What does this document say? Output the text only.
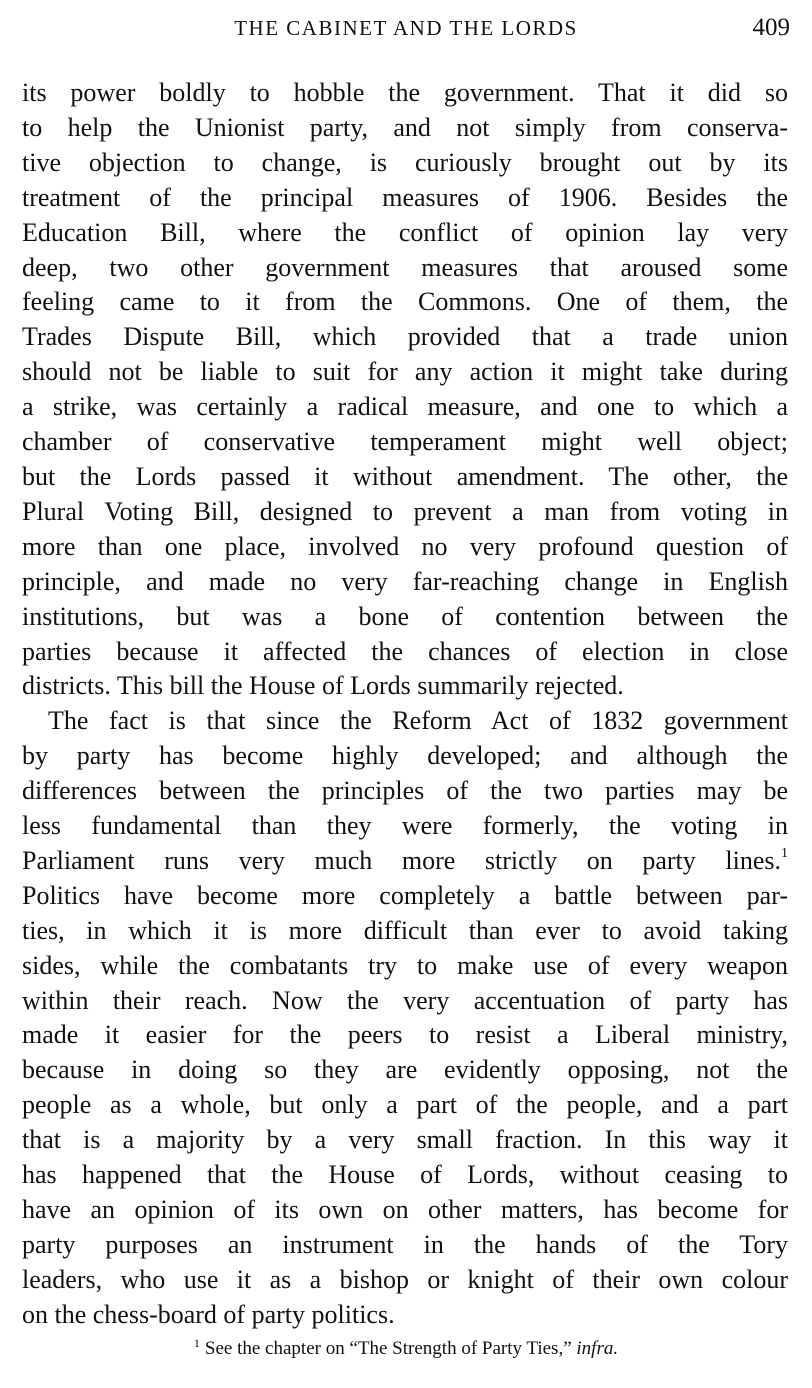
THE CABINET AND THE LORDS	409
its power boldly to hobble the government. That it did so
to help the Unionist party, and not simply from conserva-
tive objection to change, is curiously brought out by its
treatment of the principal measures of 1906. Besides the
Education Bill, where the conflict of opinion lay very
deep, two other government measures that aroused some
feeling came to it from the Commons. One of them, the
Trades Dispute Bill, which provided that a trade union
should not be liable to suit for any action it might take during
a strike, was certainly a radical measure, and one to which a
chamber of conservative temperament might well object;
but the Lords passed it without amendment. The other, the
Plural Voting Bill, designed to prevent a man from voting in
more than one place, involved no very profound question of
principle, and made no very far-reaching change in English
institutions, but was a bone of contention between the
parties because it affected the chances of election in close
districts. This bill the House of Lords summarily rejected.
The fact is that since the Reform Act of 1832 government
by party has become highly developed; and although the
differences between the principles of the two parties may be
less fundamental than they were formerly, the voting in
Parliament runs very much more strictly on party lines.$^1$
Politics have become more completely a battle between par-
ties, in which it is more difficult than ever to avoid taking
sides, while the combatants try to make use of every weapon
within their reach. Now the very accentuation of party has
made it easier for the peers to resist a Liberal ministry,
because in doing so they are evidently opposing, not the
people as a whole, but only a part of the people, and a part
that is a majority by a very small fraction. In this way it
has happened that the House of Lords, without ceasing to
have an opinion of its own on other matters, has become for
party purposes an instrument in the hands of the Tory
leaders, who use it as a bishop or knight of their own colour
on the chess-board of party politics.
$^1$ See the chapter on “The Strength of Party Ties,” infra.
